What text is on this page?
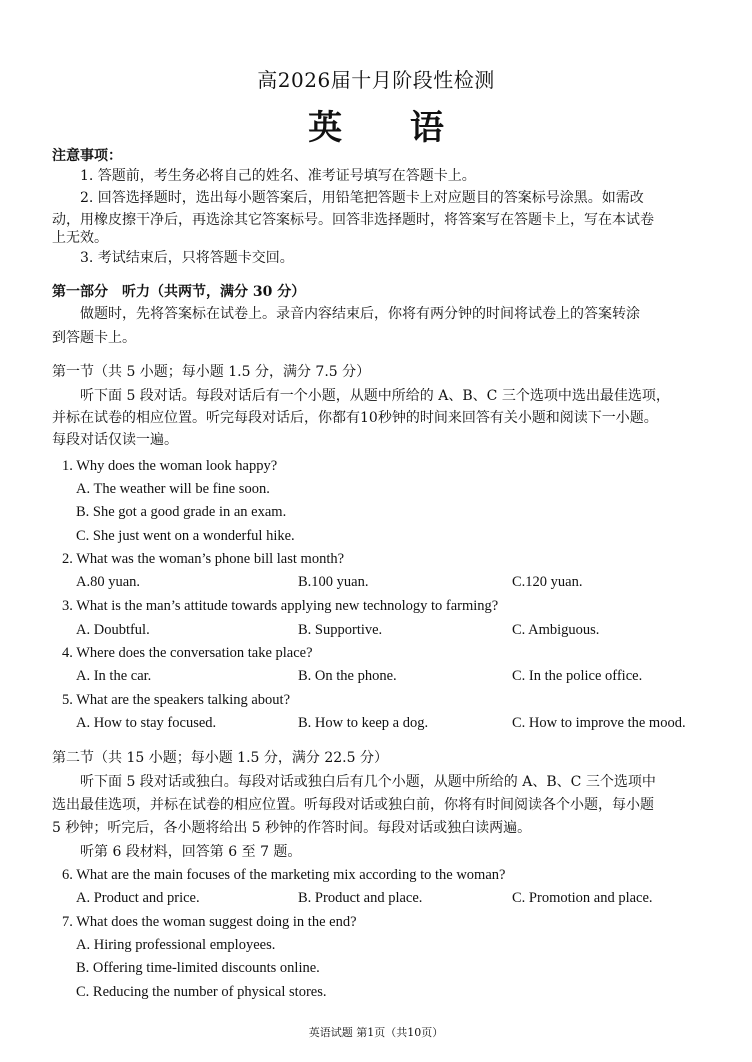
高2026届十月阶段性检测
英 语
注意事项：
1. 答题前，考生务必将自己的姓名、准考证号填写在答题卡上。
2. 回答选择题时，选出每小题答案后，用铅笔把答题卡上对应题目的答案标号涂黑。如需改
动，用橡皮擦干净后，再选涂其它答案标号。回答非选择题时，将答案写在答题卡上，写在本试卷
上无效。
3. 考试结束后，只将答题卡交回。
第一部分　听力（共两节，满分 30 分）
做题时，先将答案标在试卷上。录音内容结束后，你将有两分钟的时间将试卷上的答案转涂
到答题卡上。
第一节（共 5 小题；每小题 1.5 分，满分 7.5 分）
听下面 5 段对话。每段对话后有一个小题，从题中所给的 A、B、C 三个选项中选出最佳选项，
并标在试卷的相应位置。听完每段对话后，你都有10秒钟的时间来回答有关小题和阅读下一小题。
每段对话仅读一遍。
1. Why does the woman look happy?
A. The weather will be fine soon.
B. She got a good grade in an exam.
C. She just went on a wonderful hike.
2. What was the woman’s phone bill last month?
A.80 yuan.	B.100 yuan.	C.120 yuan.
3. What is the man’s attitude towards applying new technology to farming?
A. Doubtful.	B. Supportive.	C. Ambiguous.
4. Where does the conversation take place?
A. In the car.	B. On the phone.	C. In the police office.
5. What are the speakers talking about?
A. How to stay focused.	B. How to keep a dog.	C. How to improve the mood.
第二节（共 15 小题；每小题 1.5 分，满分 22.5 分）
听下面 5 段对话或独白。每段对话或独白后有几个小题，从题中所给的 A、B、C 三个选项中
选出最佳选项，并标在试卷的相应位置。听每段对话或独白前，你将有时间阅读各个小题，每小题
5 秒钟；听完后，各小题将给出 5 秒钟的作答时间。每段对话或独白读两遍。
听第 6 段材料，回答第 6 至 7 题。
6. What are the main focuses of the marketing mix according to the woman?
A. Product and price.	B. Product and place.	C. Promotion and place.
7. What does the woman suggest doing in the end?
A. Hiring professional employees.
B. Offering time-limited discounts online.
C. Reducing the number of physical stores.
英语试题 第1页（共10页）
